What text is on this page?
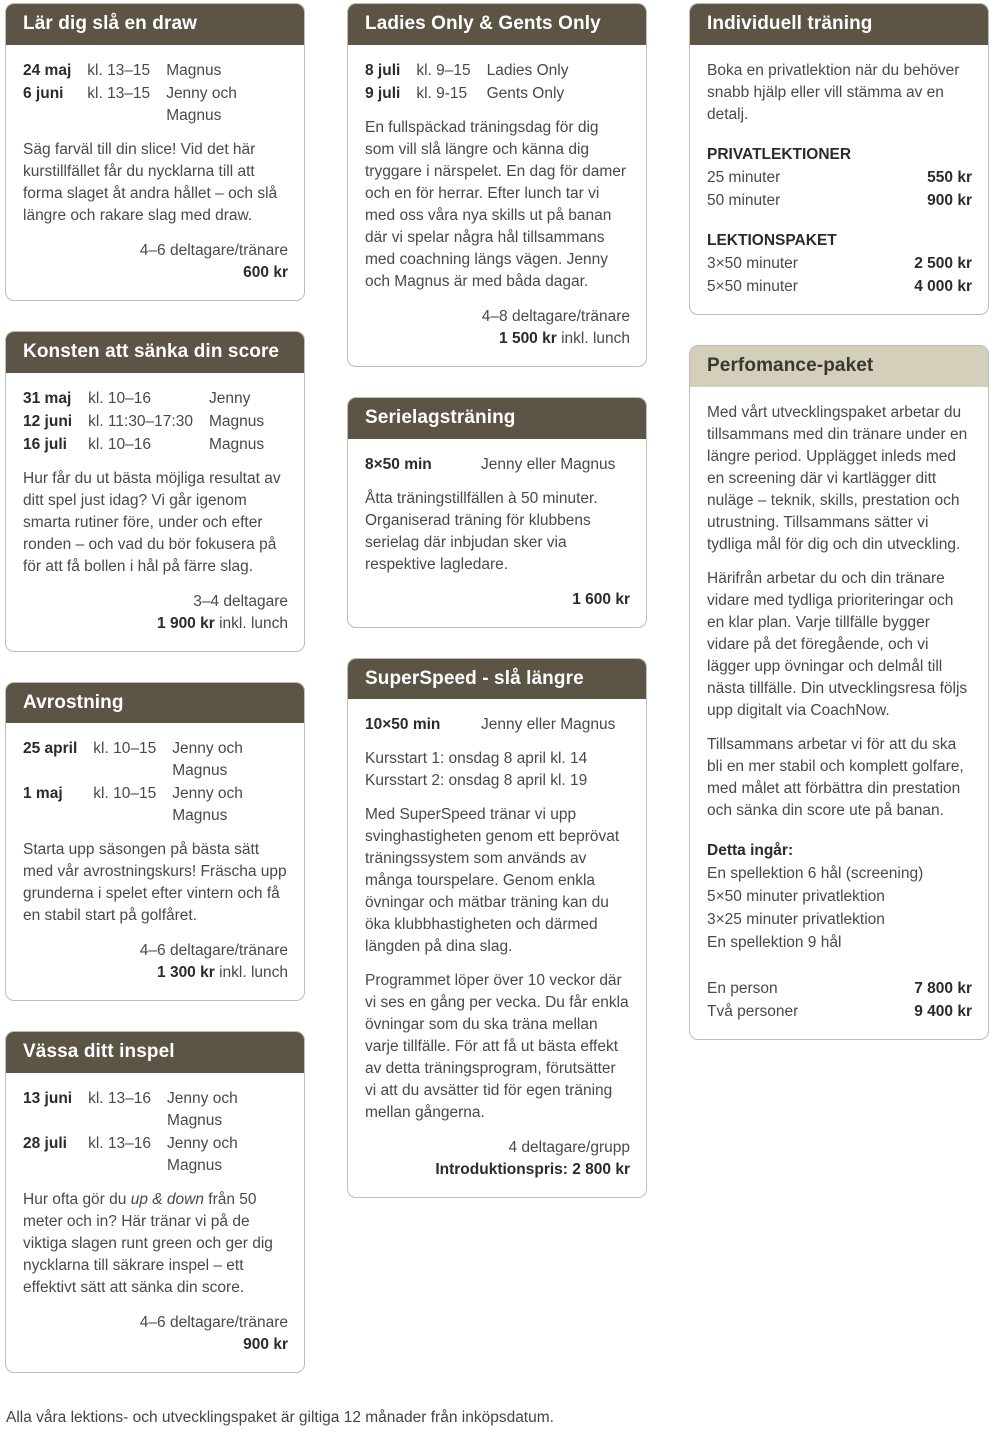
Lär dig slå en draw
24 maj kl. 13–15 Magnus
6 juni	kl. 13–15 Jenny och Magnus

Säg farväl till din slice! Vid det här kurstillfället får du nycklarna till att forma slaget åt andra hållet – och slå längre och rakare slag med draw.

4–6 deltagare/tränare
600 kr
Konsten att sänka din score
31 maj kl. 10–16	Jenny
12 juni kl. 11:30–17:30 Magnus
16 juli	kl. 10–16	Magnus

Hur får du ut bästa möjliga resultat av ditt spel just idag? Vi går igenom smarta rutiner före, under och efter ronden – och vad du bör fokusera på för att få bollen i hål på färre slag.

3–4 deltagare
1 900 kr inkl. lunch
Avrostning
25 april kl. 10–15 Jenny och Magnus
1 maj	kl. 10–15 Jenny och Magnus

Starta upp säsongen på bästa sätt med vår avrostningskurs! Fräscha upp grunderna i spelet efter vintern och få en stabil start på golfåret.

4–6 deltagare/tränare
1 300 kr inkl. lunch
Vässa ditt inspel
13 juni kl. 13–16 Jenny och Magnus
28 juli	kl. 13–16 Jenny och Magnus

Hur ofta gör du up & down från 50 meter och in? Här tränar vi på de viktiga slagen runt green och ger dig nycklarna till säkrare inspel – ett effektivt sätt att sänka din score.

4–6 deltagare/tränare
900 kr
Ladies Only & Gents Only
8 juli kl. 9–15 Ladies Only
9 juli kl. 9-15 Gents Only

En fullspäckad träningsdag för dig som vill slå längre och känna dig tryggare i närspelet. En dag för damer och en för herrar. Efter lunch tar vi med oss våra nya skills ut på banan där vi spelar några hål tillsammans med coachning längs vägen. Jenny och Magnus är med båda dagar.

4–8 deltagare/tränare
1 500 kr inkl. lunch
Serielagsträning
8×50 min	Jenny eller Magnus

Åtta träningstillfällen à 50 minuter. Organiserad träning för klubbens serielag där inbjudan sker via respektive lagledare.

1 600 kr
SuperSpeed - slå längre
10×50 min	Jenny eller Magnus
Kursstart 1: onsdag 8 april kl. 14
Kursstart 2: onsdag 8 april kl. 19

Med SuperSpeed tränar vi upp svinghastigheten genom ett beprövat träningssystem som används av många tourspelare. Genom enkla övningar och mätbar träning kan du öka klubbhastigheten och därmed längden på dina slag.

Programmet löper över 10 veckor där vi ses en gång per vecka. Du får enkla övningar som du ska träna mellan varje tillfälle. För att få ut bästa effekt av detta träningsprogram, förutsätter vi att du avsätter tid för egen träning mellan gångerna.

4 deltagare/grupp
Introduktionspris: 2 800 kr
Individuell träning

Boka en privatlektion när du behöver snabb hjälp eller vill stämma av en detalj.

PRIVATLEKTIONER
25 minuter	550 kr
50 minuter	900 kr
LEKTIONSPAKET
3×50 minuter	2 500 kr
5×50 minuter	4 000 kr
Perfomance-paket

Med vårt utvecklingspaket arbetar du tillsammans med din tränare under en längre period. Upplägget inleds med en screening där vi kartlägger ditt nuläge – teknik, skills, prestation och utrustning. Tillsammans sätter vi tydliga mål för dig och din utveckling.

Härifrån arbetar du och din tränare vidare med tydliga prioriteringar och en klar plan. Varje tillfälle bygger vidare på det föregående, och vi lägger upp övningar och delmål till nästa tillfälle. Din utvecklingsresa följs upp digitalt via CoachNow.

Tillsammans arbetar vi för att du ska bli en mer stabil och komplett golfare, med målet att förbättra din prestation och sänka din score ute på banan.

Detta ingår:
En spellektion 6 hål (screening)
5×50 minuter privatlektion
3×25 minuter privatlektion
En spellektion 9 hål
En person	7 800 kr
Två personer	9 400 kr
Alla våra lektions- och utvecklingspaket är giltiga 12 månader från inköpsdatum.
